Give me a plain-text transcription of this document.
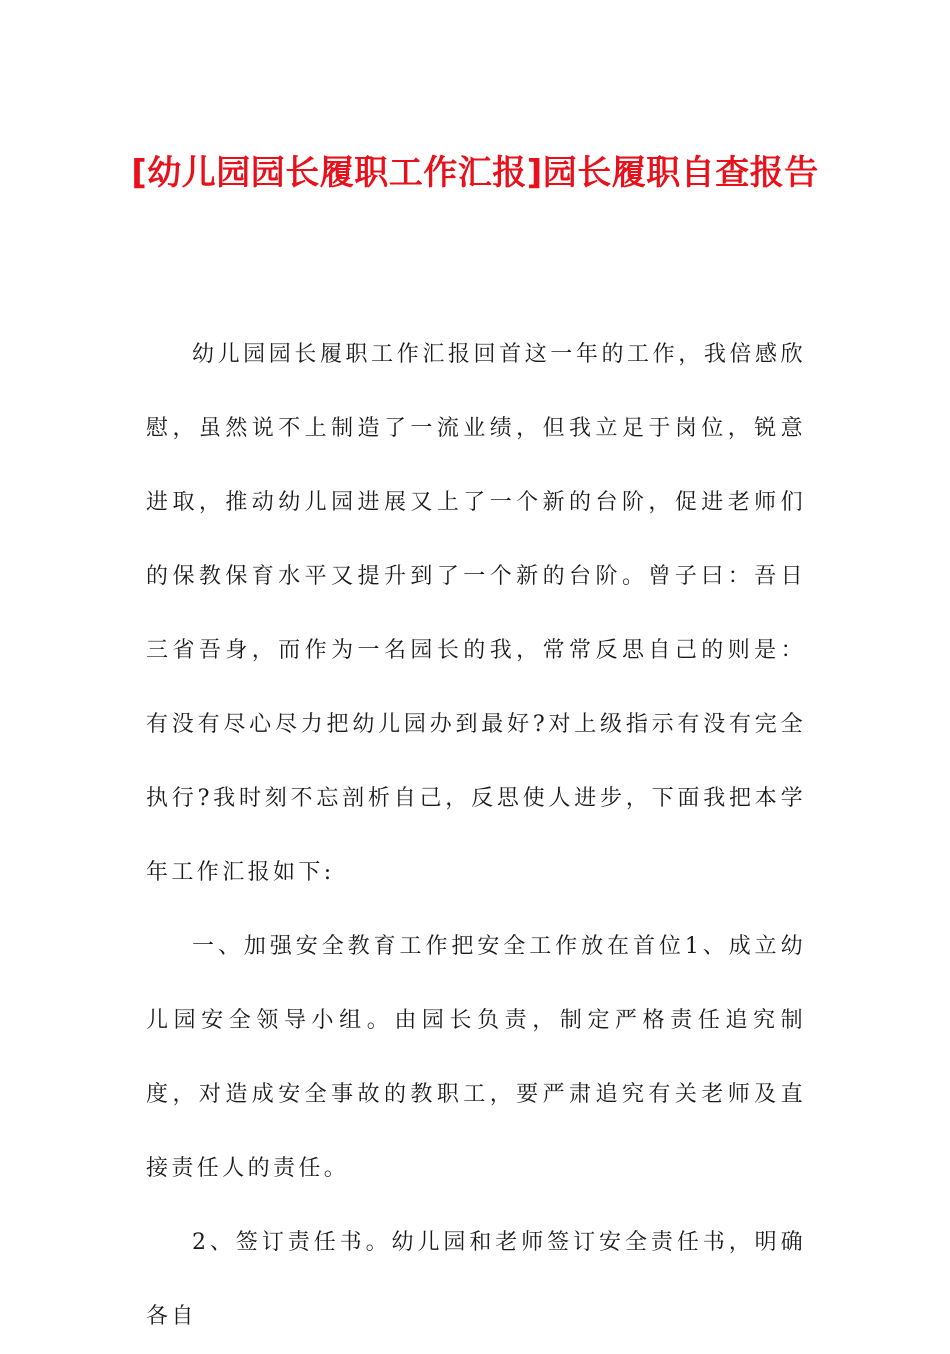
[幼儿园园长履职工作汇报]园长履职自查报告

幼儿园园长履职工作汇报回首这一年的工作，我倍感欣慰，虽然说不上制造了一流业绩，但我立足于岗位，锐意进取，推动幼儿园进展又上了一个新的台阶，促进老师们的保教保育水平又提升到了一个新的台阶。曾子曰：吾日三省吾身，而作为一名园长的我，常常反思自己的则是：有没有尽心尽力把幼儿园办到最好?对上级指示有没有完全执行?我时刻不忘剖析自己，反思使人进步，下面我把本学年工作汇报如下:

一、加强安全教育工作把安全工作放在首位1、成立幼儿园安全领导小组。由园长负责，制定严格责任追究制度，对造成安全事故的教职工，要严肃追究有关老师及直接责任人的责任。

2、签订责任书。幼儿园和老师签订安全责任书，明确各自
